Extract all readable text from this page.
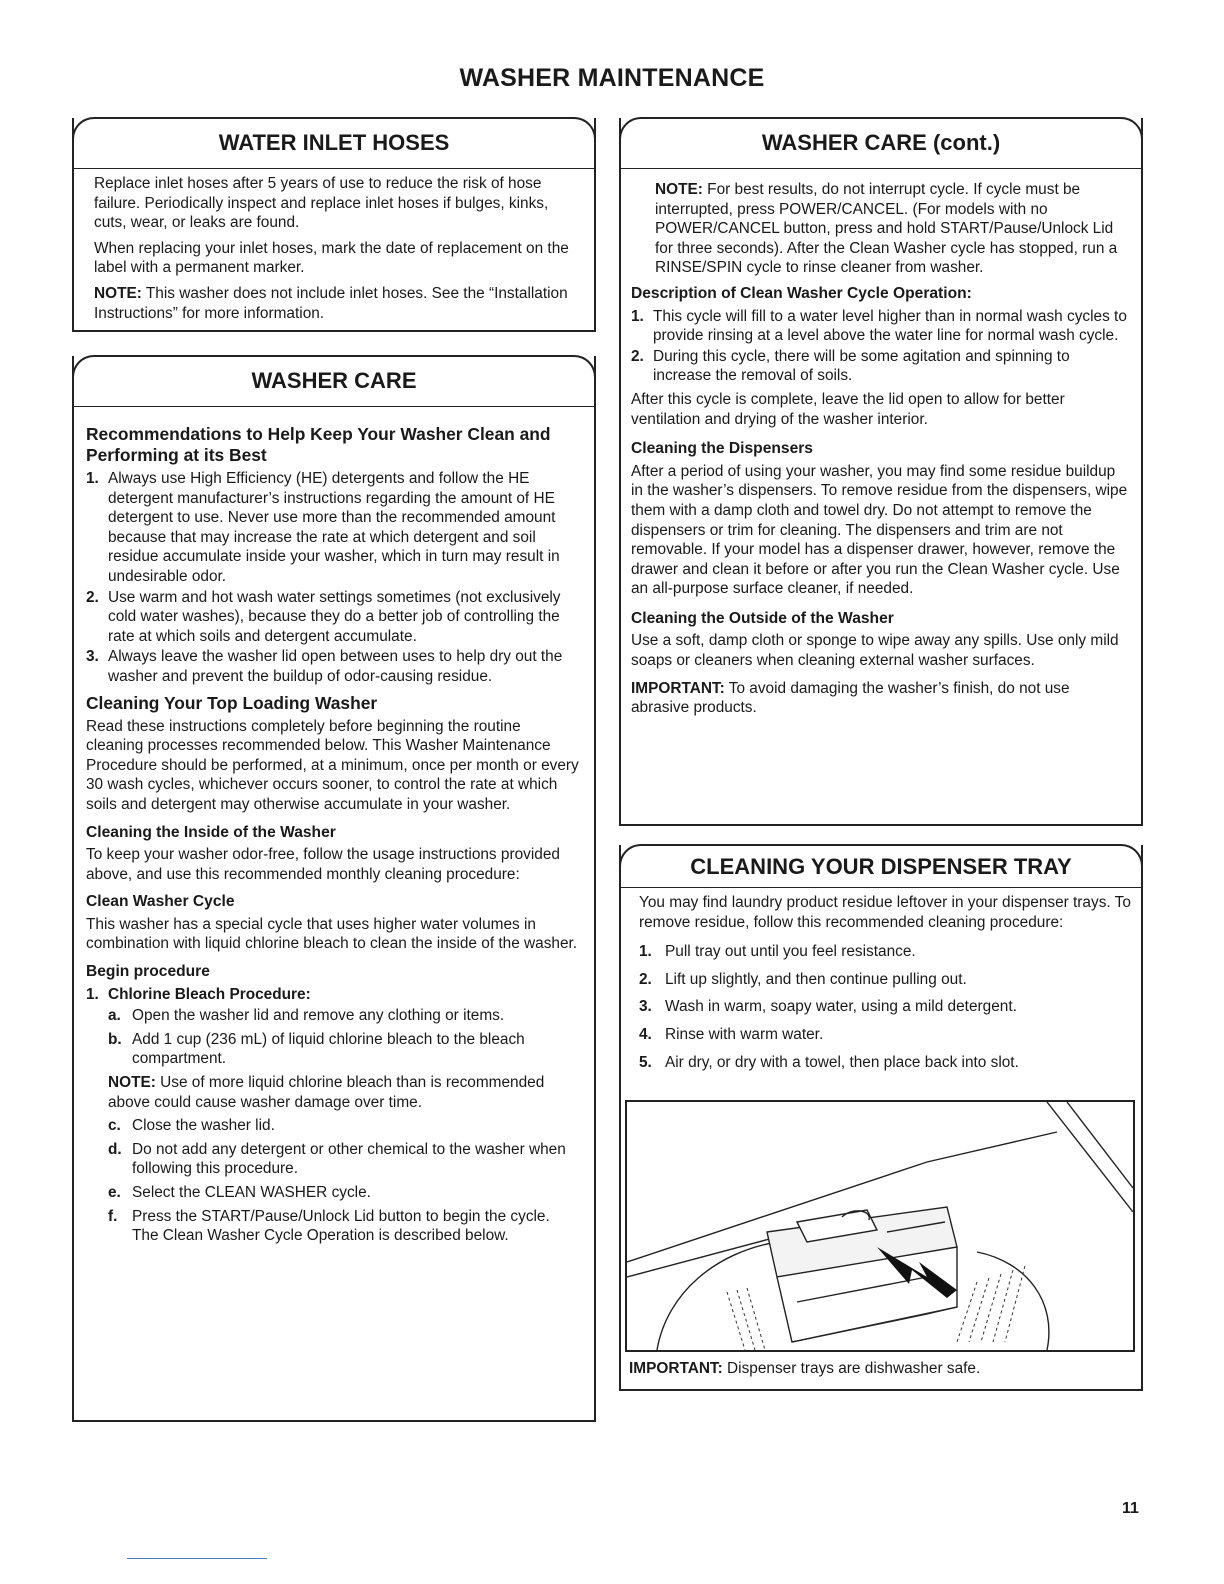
WASHER MAINTENANCE
WATER INLET HOSES

Replace inlet hoses after 5 years of use to reduce the risk of hose failure. Periodically inspect and replace inlet hoses if bulges, kinks, cuts, wear, or leaks are found.

When replacing your inlet hoses, mark the date of replacement on the label with a permanent marker.

NOTE: This washer does not include inlet hoses. See the “Installation Instructions” for more information.

WASHER CARE
Recommendations to Help Keep Your Washer Clean and Performing at its Best
1. Always use High Efficiency (HE) detergents and follow the HE detergent manufacturer’s instructions regarding the amount of HE detergent to use. Never use more than the recommended amount because that may increase the rate at which detergent and soil residue accumulate inside your washer, which in turn may result in undesirable odor.
2. Use warm and hot wash water settings sometimes (not exclusively cold water washes), because they do a better job of controlling the rate at which soils and detergent accumulate.
3. Always leave the washer lid open between uses to help dry out the washer and prevent the buildup of odor-causing residue.
Cleaning Your Top Loading Washer

Read these instructions completely before beginning the routine cleaning processes recommended below. This Washer Maintenance Procedure should be performed, at a minimum, once per month or every 30 wash cycles, whichever occurs sooner, to control the rate at which soils and detergent may otherwise accumulate in your washer.

Cleaning the Inside of the Washer

To keep your washer odor-free, follow the usage instructions provided above, and use this recommended monthly cleaning procedure:

Clean Washer Cycle

This washer has a special cycle that uses higher water volumes in combination with liquid chlorine bleach to clean the inside of the washer.

Begin procedure
1. Chlorine Bleach Procedure:
a. Open the washer lid and remove any clothing or items.
b. Add 1 cup (236 mL) of liquid chlorine bleach to the bleach compartment.

NOTE: Use of more liquid chlorine bleach than is recommended above could cause washer damage over time.

c. Close the washer lid.
d. Do not add any detergent or other chemical to the washer when following this procedure.
e. Select the CLEAN WASHER cycle.
f. Press the START/Pause/Unlock Lid button to begin the cycle. The Clean Washer Cycle Operation is described below.
WASHER CARE (cont.)

NOTE: For best results, do not interrupt cycle. If cycle must be interrupted, press POWER/CANCEL. (For models with no POWER/CANCEL button, press and hold START/Pause/Unlock Lid for three seconds). After the Clean Washer cycle has stopped, run a RINSE/SPIN cycle to rinse cleaner from washer.

Description of Clean Washer Cycle Operation:
1. This cycle will fill to a water level higher than in normal wash cycles to provide rinsing at a level above the water line for normal wash cycle.
2. During this cycle, there will be some agitation and spinning to increase the removal of soils.

After this cycle is complete, leave the lid open to allow for better ventilation and drying of the washer interior.

Cleaning the Dispensers

After a period of using your washer, you may find some residue buildup in the washer’s dispensers. To remove residue from the dispensers, wipe them with a damp cloth and towel dry. Do not attempt to remove the dispensers or trim for cleaning. The dispensers and trim are not removable. If your model has a dispenser drawer, however, remove the drawer and clean it before or after you run the Clean Washer cycle. Use an all-purpose surface cleaner, if needed.

Cleaning the Outside of the Washer

Use a soft, damp cloth or sponge to wipe away any spills. Use only mild soaps or cleaners when cleaning external washer surfaces.

IMPORTANT: To avoid damaging the washer’s finish, do not use abrasive products.

CLEANING YOUR DISPENSER TRAY

You may find laundry product residue leftover in your dispenser trays. To remove residue, follow this recommended cleaning procedure:

1. Pull tray out until you feel resistance.
2. Lift up slightly, and then continue pulling out.
3. Wash in warm, soapy water, using a mild detergent.
4. Rinse with warm water.
5. Air dry, or dry with a towel, then place back into slot.
IMPORTANT: Dispenser trays are dishwasher safe.
11
